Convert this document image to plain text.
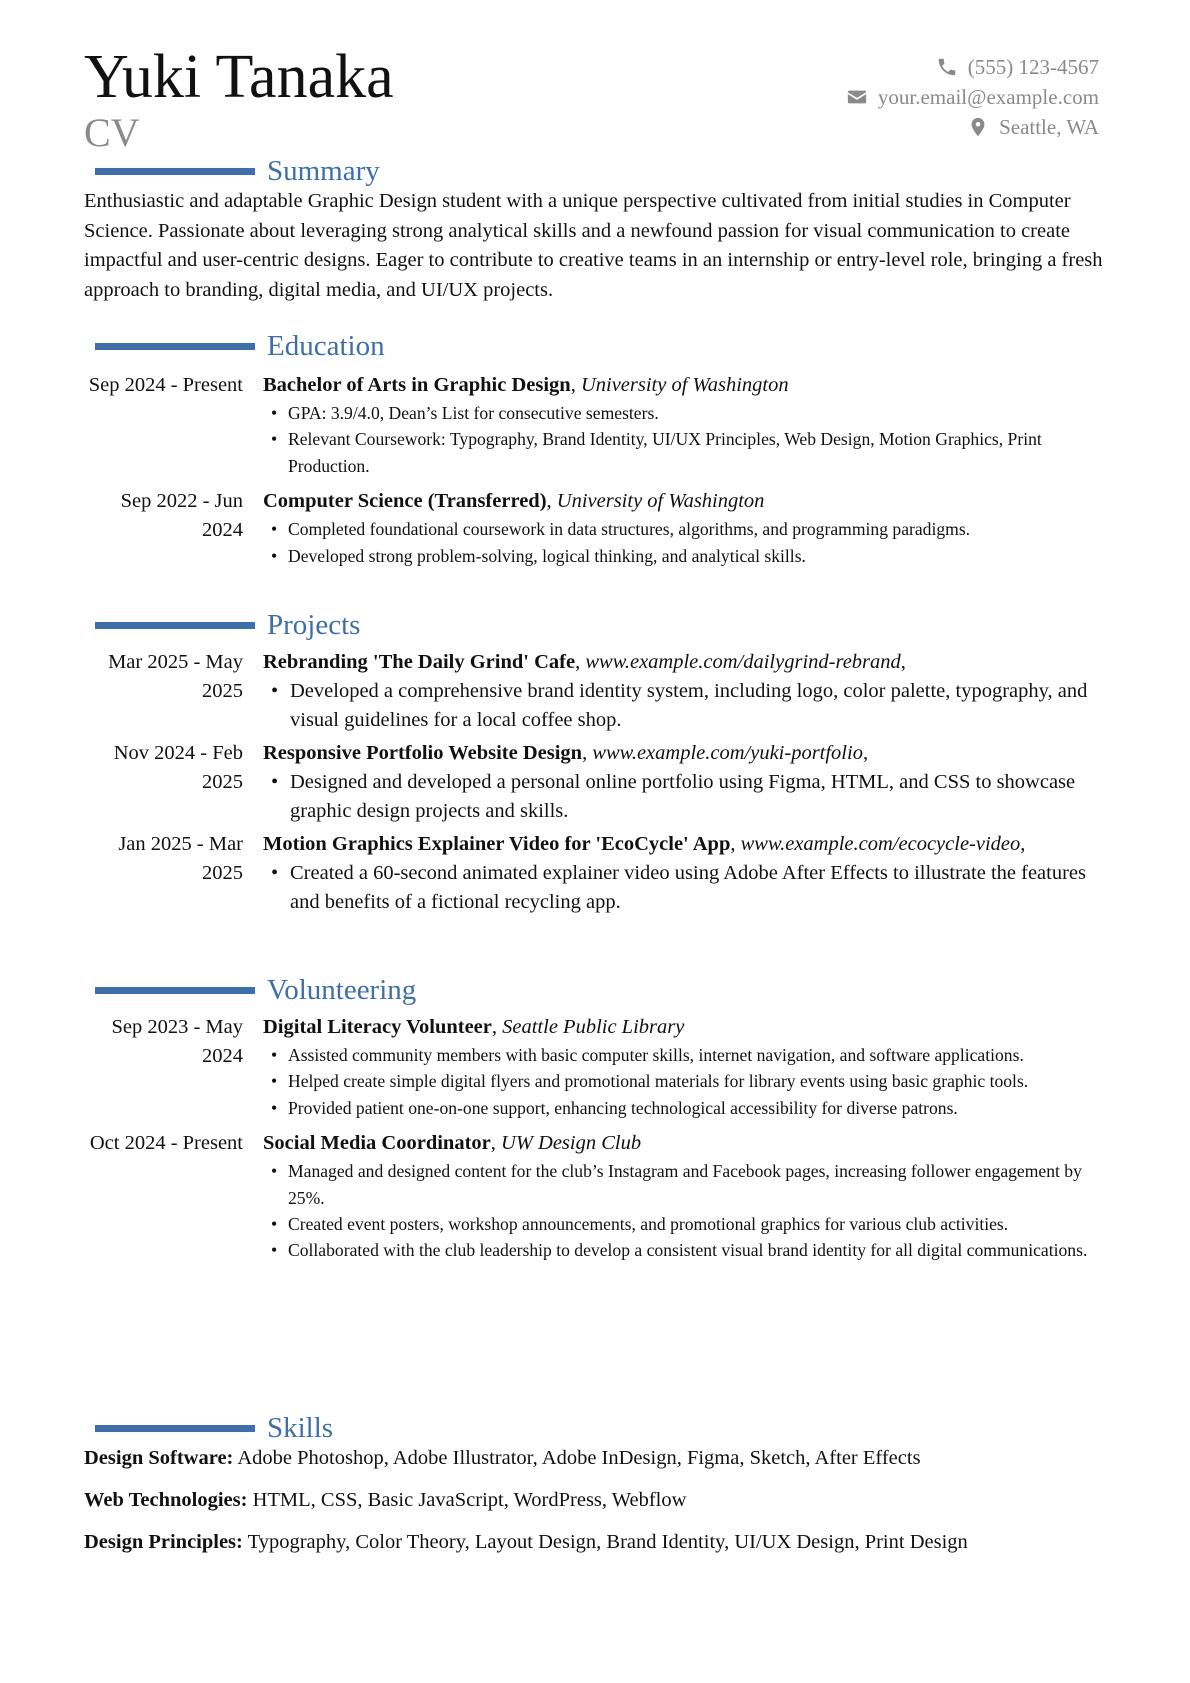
Yuki Tanaka
CV
(555) 123-4567
your.email@example.com
Seattle, WA
Summary
Enthusiastic and adaptable Graphic Design student with a unique perspective cultivated from initial studies in Computer Science. Passionate about leveraging strong analytical skills and a newfound passion for visual communication to create impactful and user-centric designs. Eager to contribute to creative teams in an internship or entry-level role, bringing a fresh approach to branding, digital media, and UI/UX projects.
Education
Sep 2024 - Present Bachelor of Arts in Graphic Design, University of Washington
• GPA: 3.9/4.0, Dean’s List for consecutive semesters.
• Relevant Coursework: Typography, Brand Identity, UI/UX Principles, Web Design, Motion Graphics, Print Production.
Sep 2022 - Jun 2024
Computer Science (Transferred), University of Washington
• Completed foundational coursework in data structures, algorithms, and programming paradigms.
• Developed strong problem-solving, logical thinking, and analytical skills.
Projects
Mar 2025 - May 2025
Rebranding 'The Daily Grind' Cafe, www.example.com/dailygrind-rebrand,
• Developed a comprehensive brand identity system, including logo, color palette, typography, and visual guidelines for a local coffee shop.
Nov 2024 - Feb 2025
Responsive Portfolio Website Design, www.example.com/yuki-portfolio,
• Designed and developed a personal online portfolio using Figma, HTML, and CSS to showcase graphic design projects and skills.
Jan 2025 - Mar 2025
Motion Graphics Explainer Video for 'EcoCycle' App, www.example.com/ecocycle-video,
• Created a 60-second animated explainer video using Adobe After Effects to illustrate the features and benefits of a fictional recycling app.
Volunteering
Sep 2023 - May 2024
Digital Literacy Volunteer, Seattle Public Library
• Assisted community members with basic computer skills, internet navigation, and software applications.
• Helped create simple digital flyers and promotional materials for library events using basic graphic tools.
• Provided patient one-on-one support, enhancing technological accessibility for diverse patrons.
Oct 2024 - Present Social Media Coordinator, UW Design Club
• Managed and designed content for the club’s Instagram and Facebook pages, increasing follower engagement by 25%.
• Created event posters, workshop announcements, and promotional graphics for various club activities.
• Collaborated with the club leadership to develop a consistent visual brand identity for all digital communications.
Skills
Design Software: Adobe Photoshop, Adobe Illustrator, Adobe InDesign, Figma, Sketch, After Effects
Web Technologies: HTML, CSS, Basic JavaScript, WordPress, Webflow
Design Principles: Typography, Color Theory, Layout Design, Brand Identity, UI/UX Design, Print Design
